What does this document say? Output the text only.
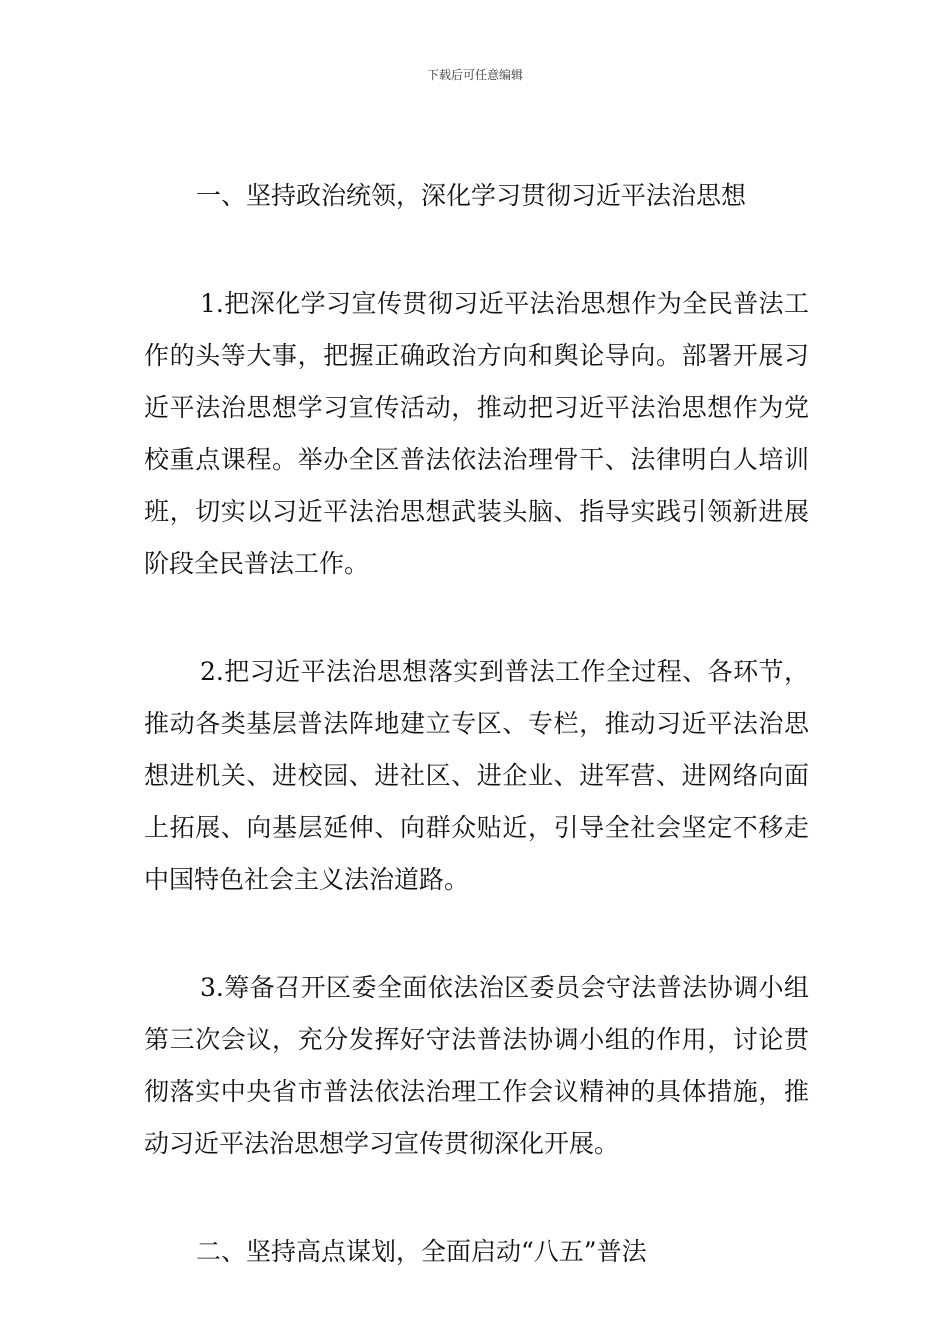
下载后可任意编辑
一、坚持政治统领，深化学习贯彻习近平法治思想

1.把深化学习宣传贯彻习近平法治思想作为全民普法工作的头等大事，把握正确政治方向和舆论导向。部署开展习近平法治思想学习宣传活动，推动把习近平法治思想作为党校重点课程。举办全区普法依法治理骨干、法律明白人培训班，切实以习近平法治思想武装头脑、指导实践引领新进展阶段全民普法工作。

2.把习近平法治思想落实到普法工作全过程、各环节，推动各类基层普法阵地建立专区、专栏，推动习近平法治思想进机关、进校园、进社区、进企业、进军营、进网络向面上拓展、向基层延伸、向群众贴近，引导全社会坚定不移走中国特色社会主义法治道路。

3.筹备召开区委全面依法治区委员会守法普法协调小组第三次会议，充分发挥好守法普法协调小组的作用，讨论贯彻落实中央省市普法依法治理工作会议精神的具体措施，推动习近平法治思想学习宣传贯彻深化开展。

二、坚持高点谋划，全面启动“八五”普法
